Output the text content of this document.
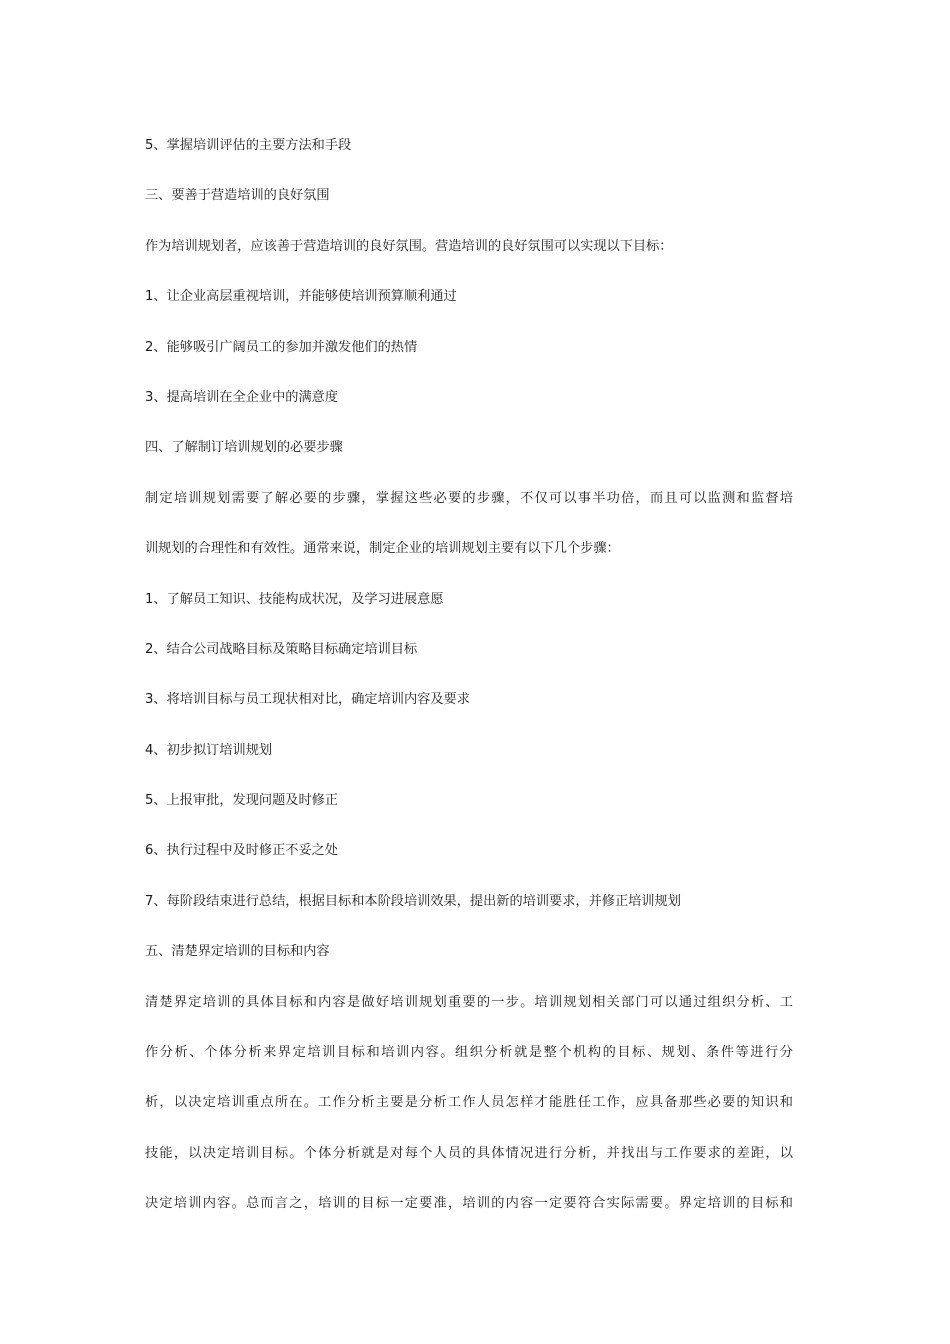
5、掌握培训评估的主要方法和手段
三、要善于营造培训的良好氛围
作为培训规划者，应该善于营造培训的良好氛围。营造培训的良好氛围可以实现以下目标：
1、让企业高层重视培训，并能够使培训预算顺利通过
2、能够吸引广阔员工的参加并激发他们的热情
3、提高培训在全企业中的满意度
四、了解制订培训规划的必要步骤
制定培训规划需要了解必要的步骤，掌握这些必要的步骤，不仅可以事半功倍，而且可以监测和监督培
训规划的合理性和有效性。通常来说，制定企业的培训规划主要有以下几个步骤：
1、了解员工知识、技能构成状况，及学习进展意愿
2、结合公司战略目标及策略目标确定培训目标
3、将培训目标与员工现状相对比，确定培训内容及要求
4、初步拟订培训规划
5、上报审批，发现问题及时修正
6、执行过程中及时修正不妥之处
7、每阶段结束进行总结，根据目标和本阶段培训效果，提出新的培训要求，并修正培训规划
五、清楚界定培训的目标和内容
清楚界定培训的具体目标和内容是做好培训规划重要的一步。培训规划相关部门可以通过组织分析、工
作分析、个体分析来界定培训目标和培训内容。组织分析就是整个机构的目标、规划、条件等进行分
析，以决定培训重点所在。工作分析主要是分析工作人员怎样才能胜任工作，应具备那些必要的知识和
技能，以决定培训目标。个体分析就是对每个人员的具体情况进行分析，并找出与工作要求的差距，以
决定培训内容。总而言之，培训的目标一定要准，培训的内容一定要符合实际需要。界定培训的目标和
